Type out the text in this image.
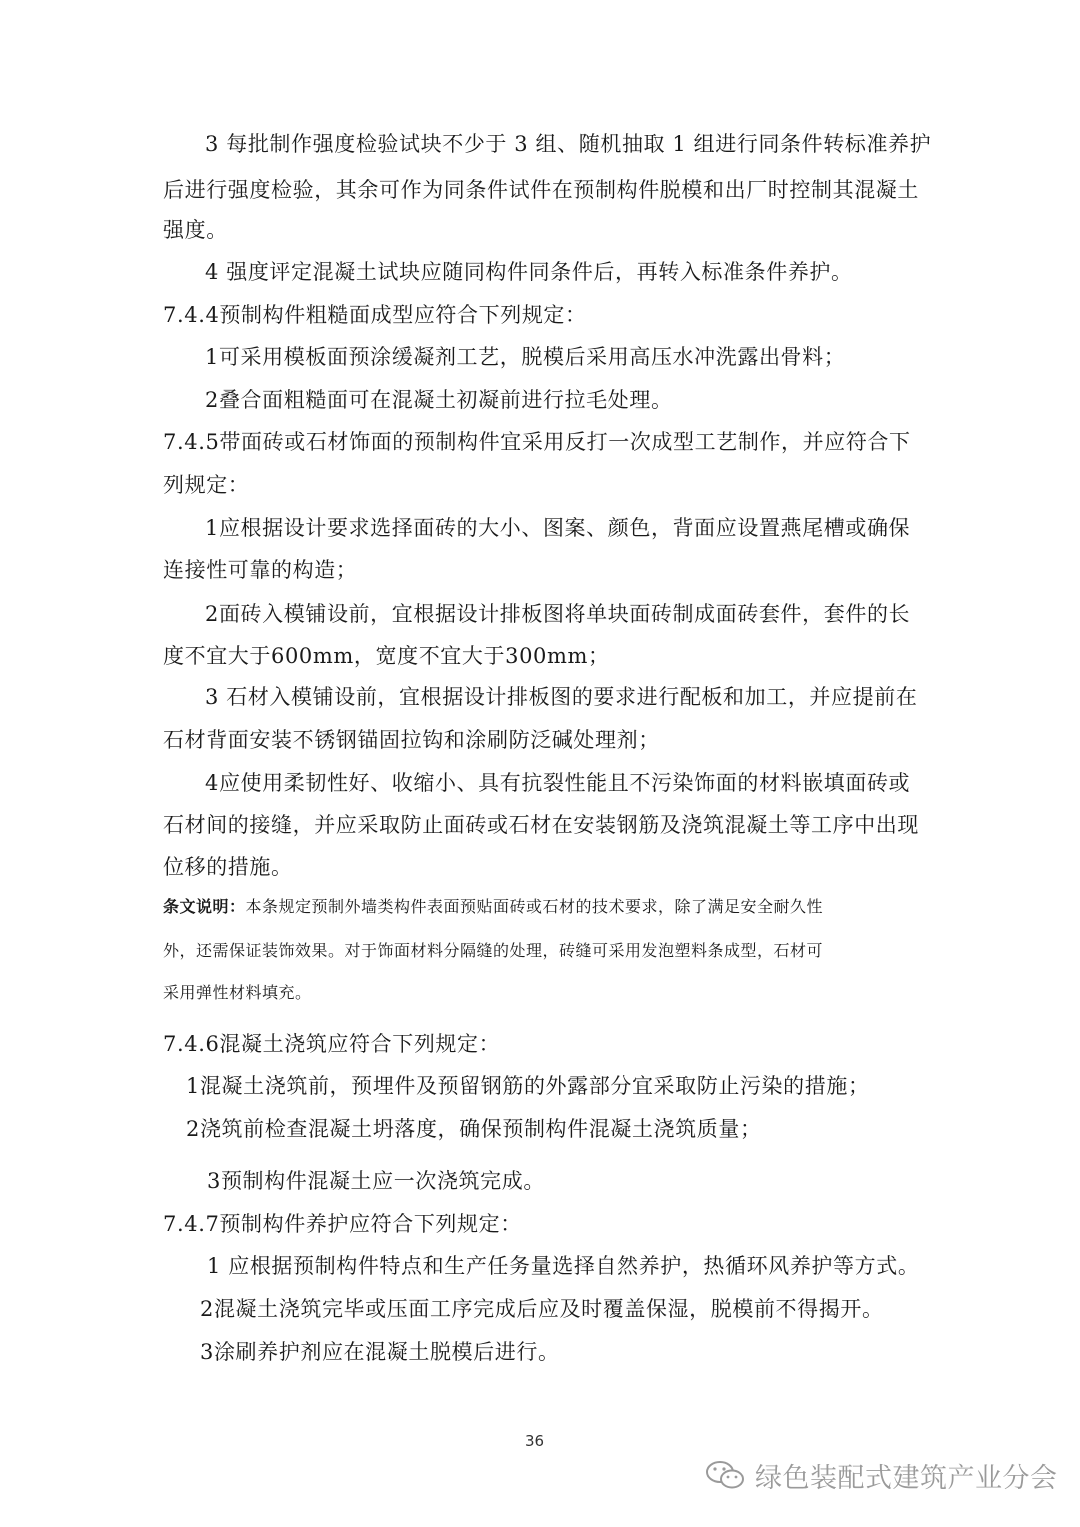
3 每批制作强度检验试块不少于 3 组、随机抽取 1 组进行同条件转标准养护
后进行强度检验，其余可作为同条件试件在预制构件脱模和出厂时控制其混凝土
强度。
4 强度评定混凝土试块应随同构件同条件后，再转入标准条件养护。
7.4.4预制构件粗糙面成型应符合下列规定：
1可采用模板面预涂缓凝剂工艺，脱模后采用高压水冲洗露出骨料；
2叠合面粗糙面可在混凝土初凝前进行拉毛处理。
7.4.5带面砖或石材饰面的预制构件宜采用反打一次成型工艺制作，并应符合下
列规定：
1应根据设计要求选择面砖的大小、图案、颜色，背面应设置燕尾槽或确保
连接性可靠的构造；
2面砖入模铺设前，宜根据设计排板图将单块面砖制成面砖套件，套件的长
度不宜大于600mm，宽度不宜大于300mm；
3 石材入模铺设前，宜根据设计排板图的要求进行配板和加工，并应提前在
石材背面安装不锈钢锚固拉钩和涂刷防泛碱处理剂；
4应使用柔韧性好、收缩小、具有抗裂性能且不污染饰面的材料嵌填面砖或
石材间的接缝，并应采取防止面砖或石材在安装钢筋及浇筑混凝土等工序中出现
位移的措施。
条文说明：本条规定预制外墙类构件表面预贴面砖或石材的技术要求，除了满足安全耐久性
外，还需保证装饰效果。对于饰面材料分隔缝的处理，砖缝可采用发泡塑料条成型，石材可
采用弹性材料填充。
7.4.6混凝土浇筑应符合下列规定：
1混凝土浇筑前，预埋件及预留钢筋的外露部分宜采取防止污染的措施；
2浇筑前检查混凝土坍落度，确保预制构件混凝土浇筑质量；
3预制构件混凝土应一次浇筑完成。
7.4.7预制构件养护应符合下列规定：
1 应根据预制构件特点和生产任务量选择自然养护，热循环风养护等方式。
2混凝土浇筑完毕或压面工序完成后应及时覆盖保湿，脱模前不得揭开。
3涂刷养护剂应在混凝土脱模后进行。
36
绿色装配式建筑产业分会
